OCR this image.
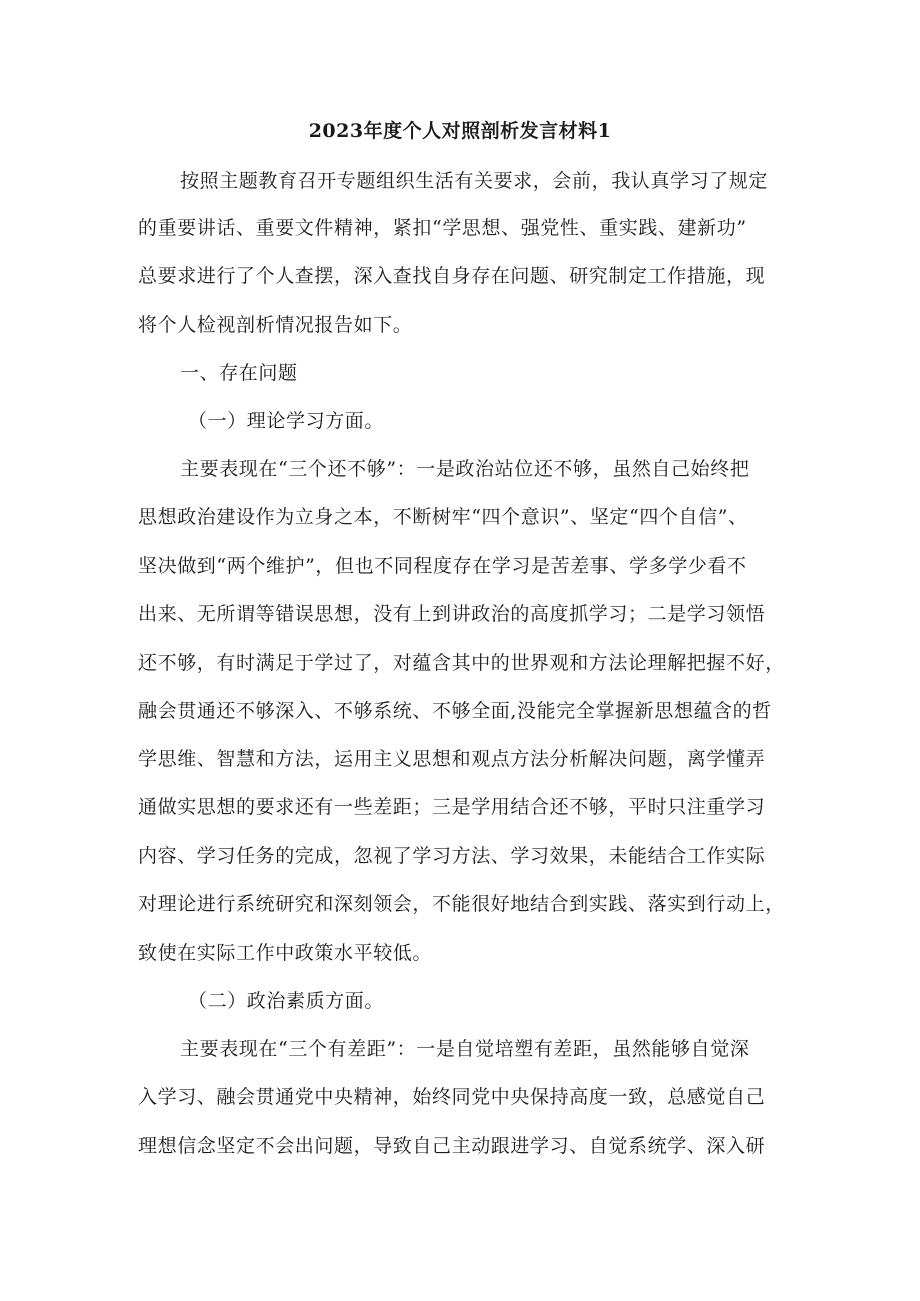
2023年度个人对照剖析发言材料1
按照主题教育召开专题组织生活有关要求，会前，我认真学习了规定
的重要讲话、重要文件精神，紧扣“学思想、强党性、重实践、建新功”
总要求进行了个人查摆，深入查找自身存在问题、研究制定工作措施，现
将个人检视剖析情况报告如下。
一、存在问题
（一）理论学习方面。
主要表现在“三个还不够”：一是政治站位还不够，虽然自己始终把
思想政治建设作为立身之本，不断树牢“四个意识”、坚定“四个自信”、
坚决做到“两个维护”，但也不同程度存在学习是苦差事、学多学少看不
出来、无所谓等错误思想，没有上到讲政治的高度抓学习；二是学习领悟
还不够，有时满足于学过了，对蕴含其中的世界观和方法论理解把握不好，
融会贯通还不够深入、不够系统、不够全面,没能完全掌握新思想蕴含的哲
学思维、智慧和方法，运用主义思想和观点方法分析解决问题，离学懂弄
通做实思想的要求还有一些差距；三是学用结合还不够，平时只注重学习
内容、学习任务的完成，忽视了学习方法、学习效果，未能结合工作实际
对理论进行系统研究和深刻领会，不能很好地结合到实践、落实到行动上，
致使在实际工作中政策水平较低。
（二）政治素质方面。
主要表现在“三个有差距”：一是自觉培塑有差距，虽然能够自觉深
入学习、融会贯通党中央精神，始终同党中央保持高度一致，总感觉自己
理想信念坚定不会出问题，导致自己主动跟进学习、自觉系统学、深入研
